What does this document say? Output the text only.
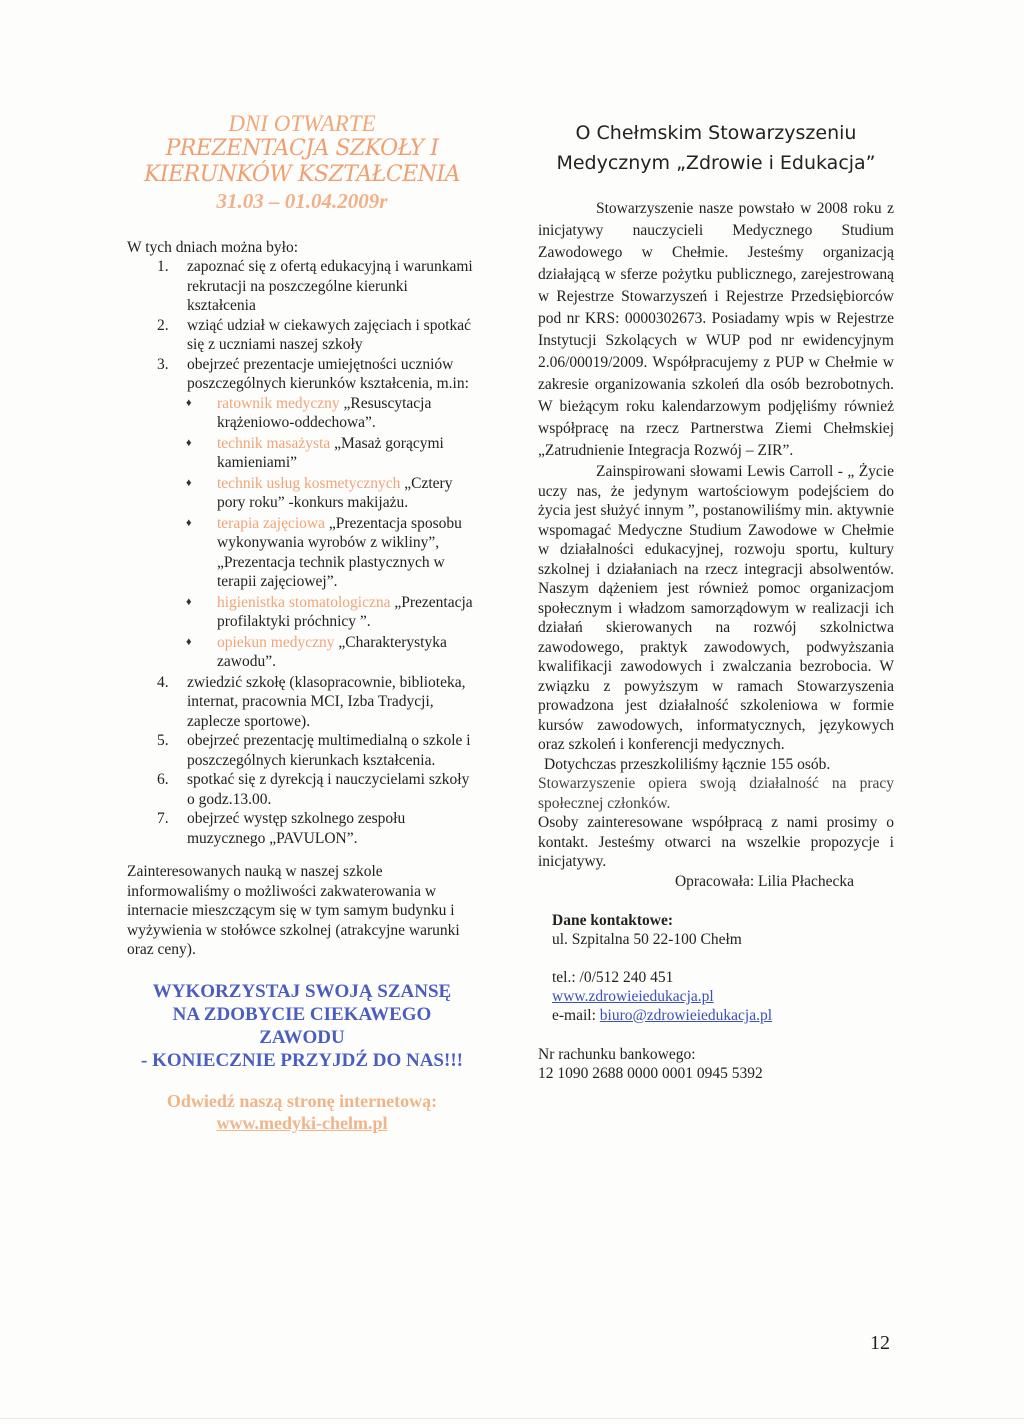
DNI OTWARTE
PREZENTACJA SZKOŁY I
KIERUNKÓW KSZTAŁCENIA
31.03 – 01.04.2009r
W tych dniach można było:
1. zapoznać się z ofertą edukacyjną i warunkami rekrutacji na poszczególne kierunki kształcenia
2. wziąć udział w ciekawych zajęciach i spotkać się z uczniami naszej szkoły
3. obejrzeć prezentacje umiejętności uczniów poszczególnych kierunków kształcenia, m.in:
♦ ratownik medyczny „Resuscytacja krążeniowo-oddechowa”.
♦ technik masażysta „Masaż gorącymi kamieniami”
♦ technik usług kosmetycznych „Cztery pory roku” -konkurs makijażu.
♦ terapia zajęciowa „Prezentacja sposobu wykonywania wyrobów z wikliny”, „Prezentacja technik plastycznych w terapii zajęciowej”.
♦ higienistka stomatologiczna „Prezentacja profilaktyki próchnicy ”.
♦ opiekun medyczny „Charakterystyka zawodu”.
4. zwiedzić szkołę (klasopracownie, biblioteka, internat, pracownia MCI, Izba Tradycji, zaplecze sportowe).
5. obejrzeć prezentację multimedialną o szkole i poszczególnych kierunkach kształcenia.
6. spotkać się z dyrekcją i nauczycielami szkoły o godz.13.00.
7. obejrzeć występ szkolnego zespołu muzycznego „PAVULON”.
Zainteresowanych nauką w naszej szkole informowaliśmy o możliwości zakwaterowania w internacie mieszczącym się w tym samym budynku i wyżywienia w stołówce szkolnej (atrakcyjne warunki oraz ceny).
WYKORZYSTAJ SWOJĄ SZANSĘ
NA ZDOBYCIE CIEKAWEGO
ZAWODU
- KONIECZNIE PRZYJDŹ DO NAS!!!
Odwiedź naszą stronę internetową:
www.medyki-chelm.pl
O Chełmskim Stowarzyszeniu
Medycznym „Zdrowie i Edukacja”

Stowarzyszenie nasze powstało w 2008 roku z inicjatywy nauczycieli Medycznego Studium Zawodowego w Chełmie. Jesteśmy organizacją działającą w sferze pożytku publicznego, zarejestrowaną w Rejestrze Stowarzyszeń i Rejestrze Przedsiębiorców pod nr KRS: 0000302673. Posiadamy wpis w Rejestrze Instytucji Szkolących w WUP pod nr ewidencyjnym 2.06/00019/2009. Współpracujemy z PUP w Chełmie w zakresie organizowania szkoleń dla osób bezrobotnych. W bieżącym roku kalendarzowym podjęliśmy również współpracę na rzecz Partnerstwa Ziemi Chełmskiej „Zatrudnienie Integracja Rozwój – ZIR”.

Zainspirowani słowami Lewis Carroll - „ Życie uczy nas, że jedynym wartościowym podejściem do życia jest służyć innym ”, postanowiliśmy min. aktywnie wspomagać Medyczne Studium Zawodowe w Chełmie w działalności edukacyjnej, rozwoju sportu, kultury szkolnej i działaniach na rzecz integracji absolwentów. Naszym dążeniem jest również pomoc organizacjom społecznym i władzom samorządowym w realizacji ich działań skierowanych na rozwój szkolnictwa zawodowego, praktyk zawodowych, podwyższania kwalifikacji zawodowych i zwalczania bezrobocia. W związku z powyższym w ramach Stowarzyszenia prowadzona jest działalność szkoleniowa w formie kursów zawodowych, informatycznych, językowych oraz szkoleń i konferencji medycznych.

Dotychczas przeszkoliliśmy łącznie 155 osób.

Stowarzyszenie opiera swoją działalność na pracy społecznej członków.

Osoby zainteresowane współpracą z nami prosimy o kontakt. Jesteśmy otwarci na wszelkie propozycje i inicjatywy.

Opracowała: Lilia Płachecka

Dane kontaktowe:
ul. Szpitalna 50 22-100 Chełm
tel.: /0/512 240 451
www.zdrowieiedukacja.pl
e-mail: biuro@zdrowieiedukacja.pl
Nr rachunku bankowego:
12 1090 2688 0000 0001 0945 5392
12
